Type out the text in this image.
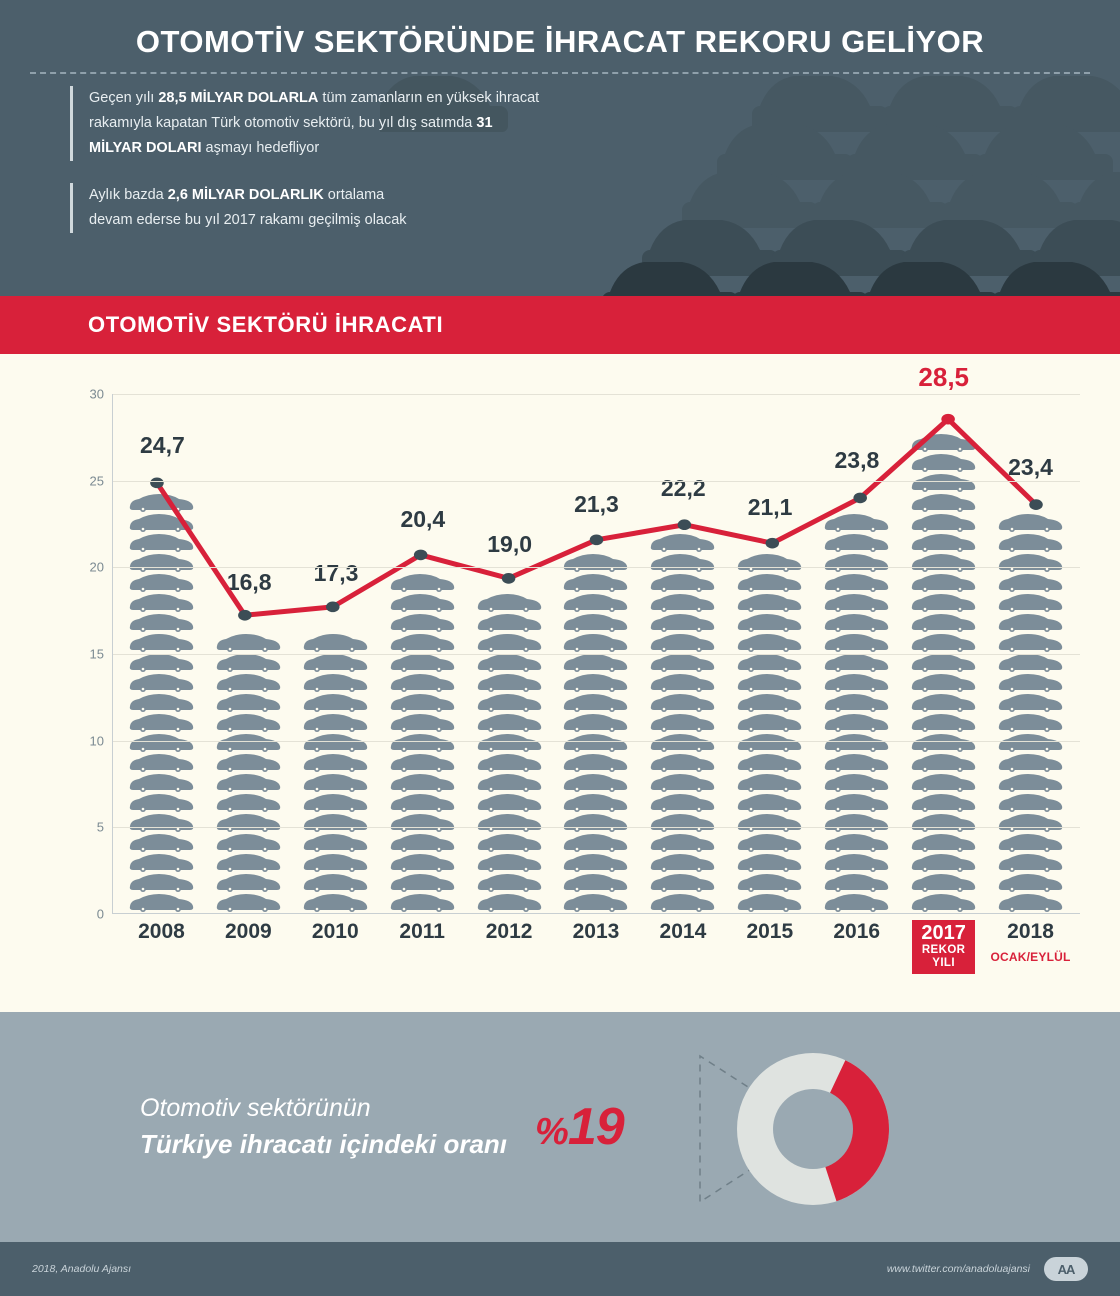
OTOMOTİV SEKTÖRÜNDE İHRACAT REKORU GELİYOR
Geçen yılı 28,5 MİLYAR DOLARLA tüm zamanların en yüksek ihracat rakamıyla kapatan Türk otomotiv sektörü, bu yıl dış satımda 31 MİLYAR DOLARI aşmayı hedefliyor
Aylık bazda 2,6 MİLYAR DOLARLIK ortalama devam ederse bu yıl 2017 rakamı geçilmiş olacak
OTOMOTİV SEKTÖRÜ İHRACATI
24,7
16,8 17,3
20,4
19,0
21,3
22,2
21,1
23,8
28,5
23,4
0
5
10
15
20
25
30
2008	2009	2010	2011	2012	2013	2014	2015	2016	2017
REKOR
YILI
2018
OCAK/EYLÜL
Otomotiv sektörünün
Türkiye ihracatı içindeki oranı %19
2018, Anadolu Ajansı	www.twitter.com/anadoluajansi	AA
